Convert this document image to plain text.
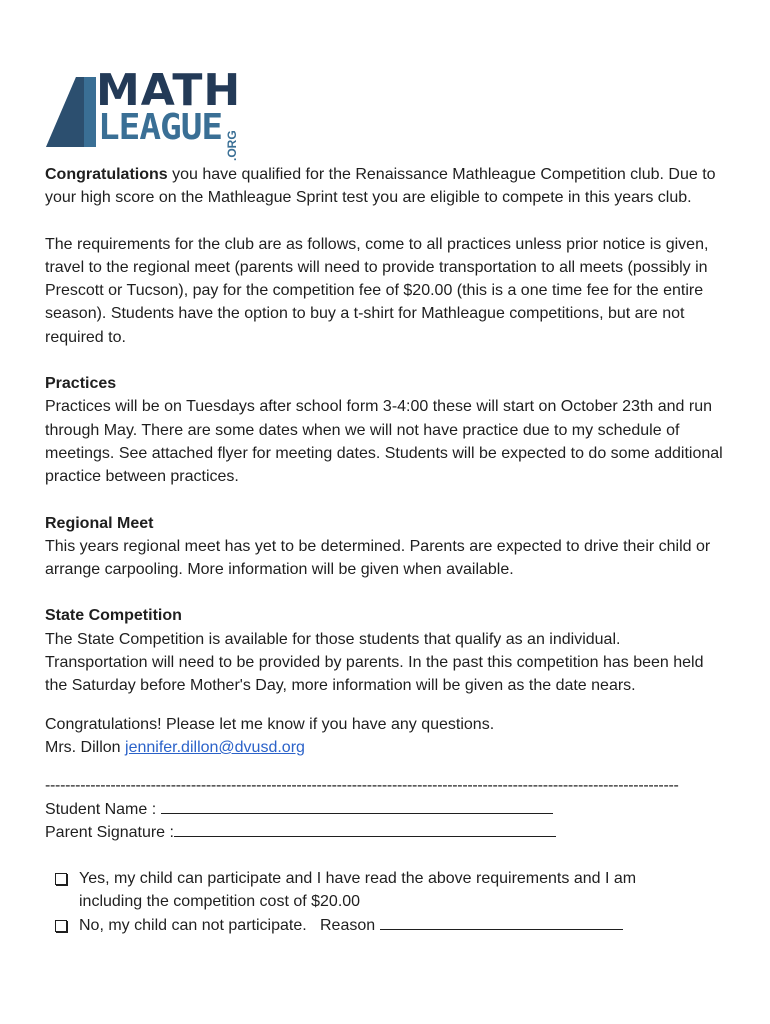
MATH
LEAGUE .ORG

Congratulations you have qualified for the Renaissance Mathleague Competition club. Due to your high score on the Mathleague Sprint test you are eligible to compete in this years club.

The requirements for the club are as follows, come to all practices unless prior notice is given, travel to the regional meet (parents will need to provide transportation to all meets (possibly in Prescott or Tucson), pay for the competition fee of $20.00 (this is a one time fee for the entire season). Students have the option to buy a t-shirt for Mathleague competitions, but are not required to.

Practices

Practices will be on Tuesdays after school form 3-4:00 these will start on October 23th and run through May. There are some dates when we will not have practice due to my schedule of meetings. See attached flyer for meeting dates. Students will be expected to do some additional practice between practices.

Regional Meet

This years regional meet has yet to be determined. Parents are expected to drive their child or arrange carpooling. More information will be given when available.

State Competition

The State Competition is available for those students that qualify as an individual. Transportation will need to be provided by parents. In the past this competition has been held the Saturday before Mother's Day, more information will be given as the date nears.

Congratulations! Please let me know if you have any questions.

Mrs. Dillon jennifer.dillon@dvusd.org

------------------------------------------------------------------------------------------------------------------------------

Student Name :

Parent Signature :

Yes, my child can participate and I have read the above requirements and I am including the competition cost of $20.00
No, my child can not participate.   Reason
